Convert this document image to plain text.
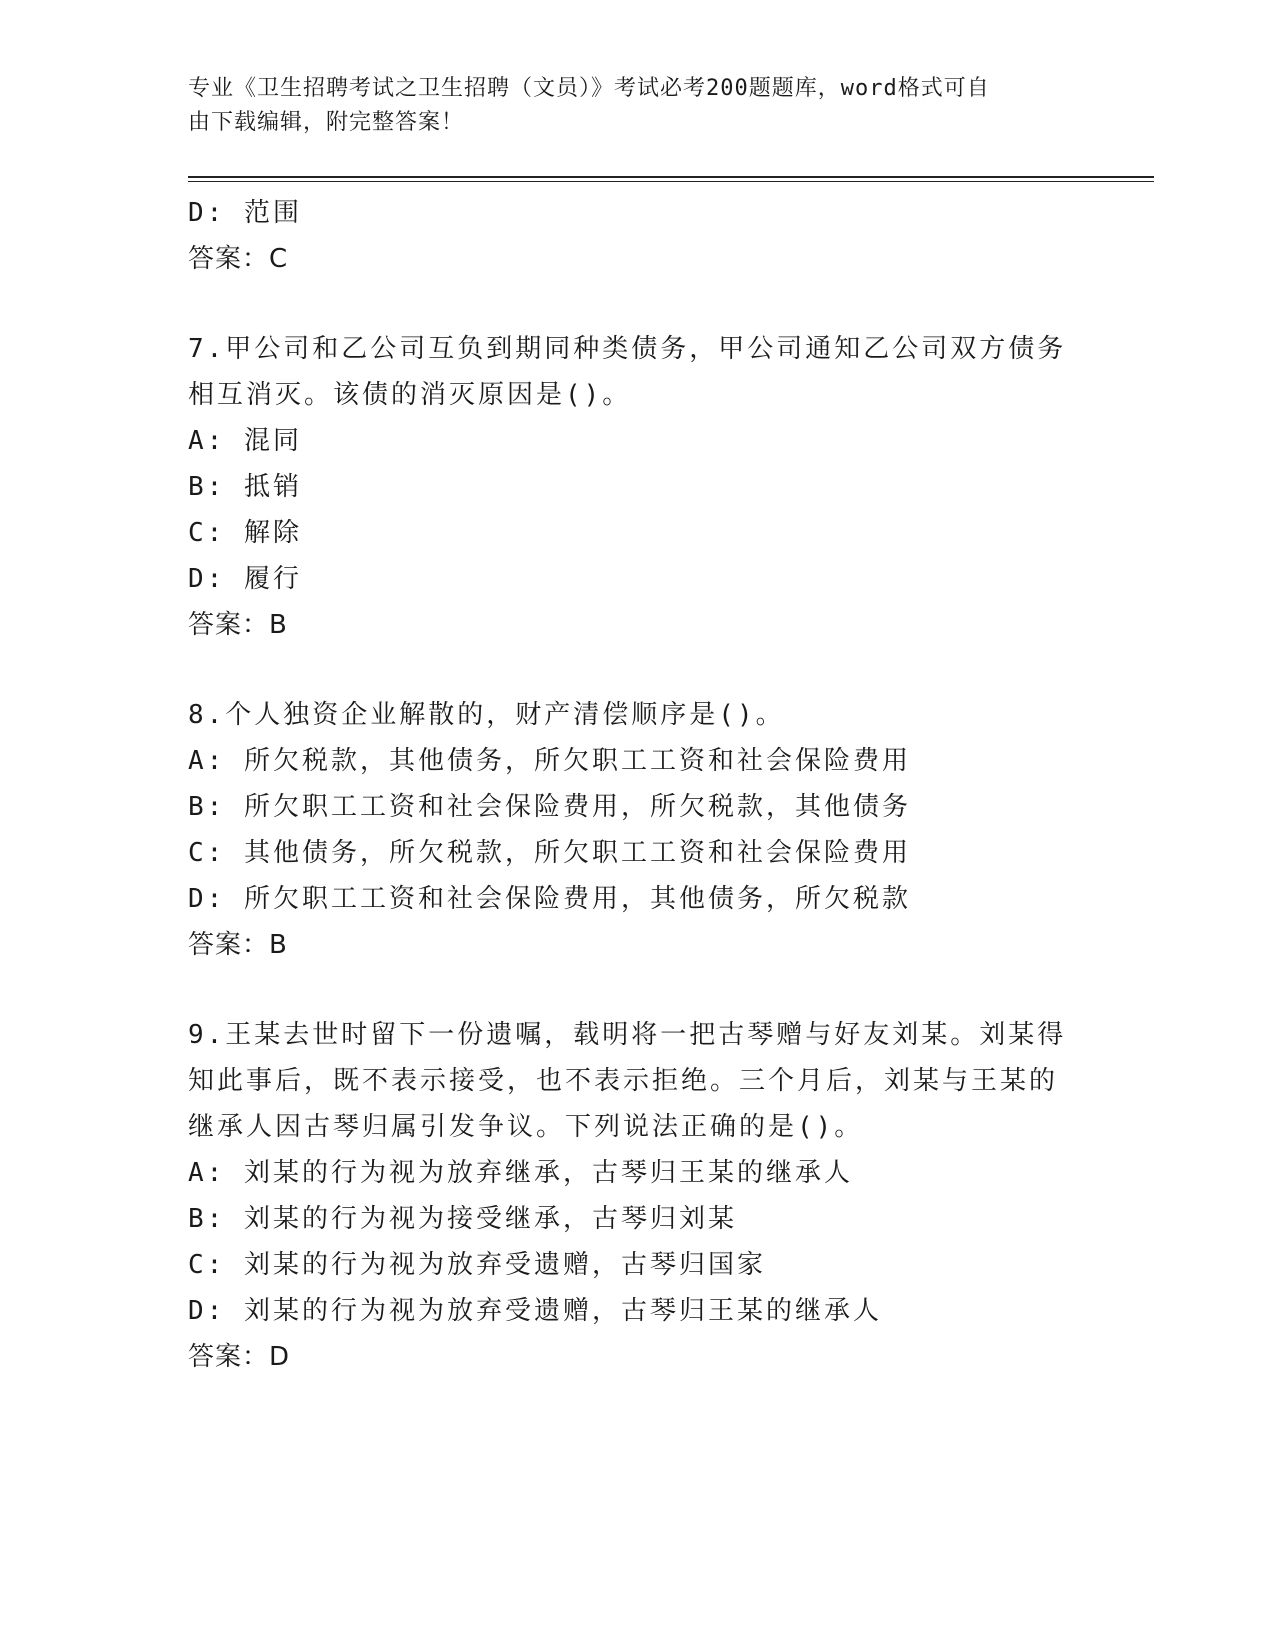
专业《卫生招聘考试之卫生招聘（文员）》考试必考200题题库，word格式可自
由下载编辑，附完整答案！
D: 范围
答案：C
7.甲公司和乙公司互负到期同种类债务，甲公司通知乙公司双方债务
相互消灭。该债的消灭原因是()。
A: 混同
B: 抵销
C: 解除
D: 履行
答案：B
8.个人独资企业解散的，财产清偿顺序是()。
A: 所欠税款，其他债务，所欠职工工资和社会保险费用
B: 所欠职工工资和社会保险费用，所欠税款，其他债务
C: 其他债务，所欠税款，所欠职工工资和社会保险费用
D: 所欠职工工资和社会保险费用，其他债务，所欠税款
答案：B
9.王某去世时留下一份遗嘱，载明将一把古琴赠与好友刘某。刘某得
知此事后，既不表示接受，也不表示拒绝。三个月后，刘某与王某的
继承人因古琴归属引发争议。下列说法正确的是()。
A: 刘某的行为视为放弃继承，古琴归王某的继承人
B: 刘某的行为视为接受继承，古琴归刘某
C: 刘某的行为视为放弃受遗赠，古琴归国家
D: 刘某的行为视为放弃受遗赠，古琴归王某的继承人
答案：D
